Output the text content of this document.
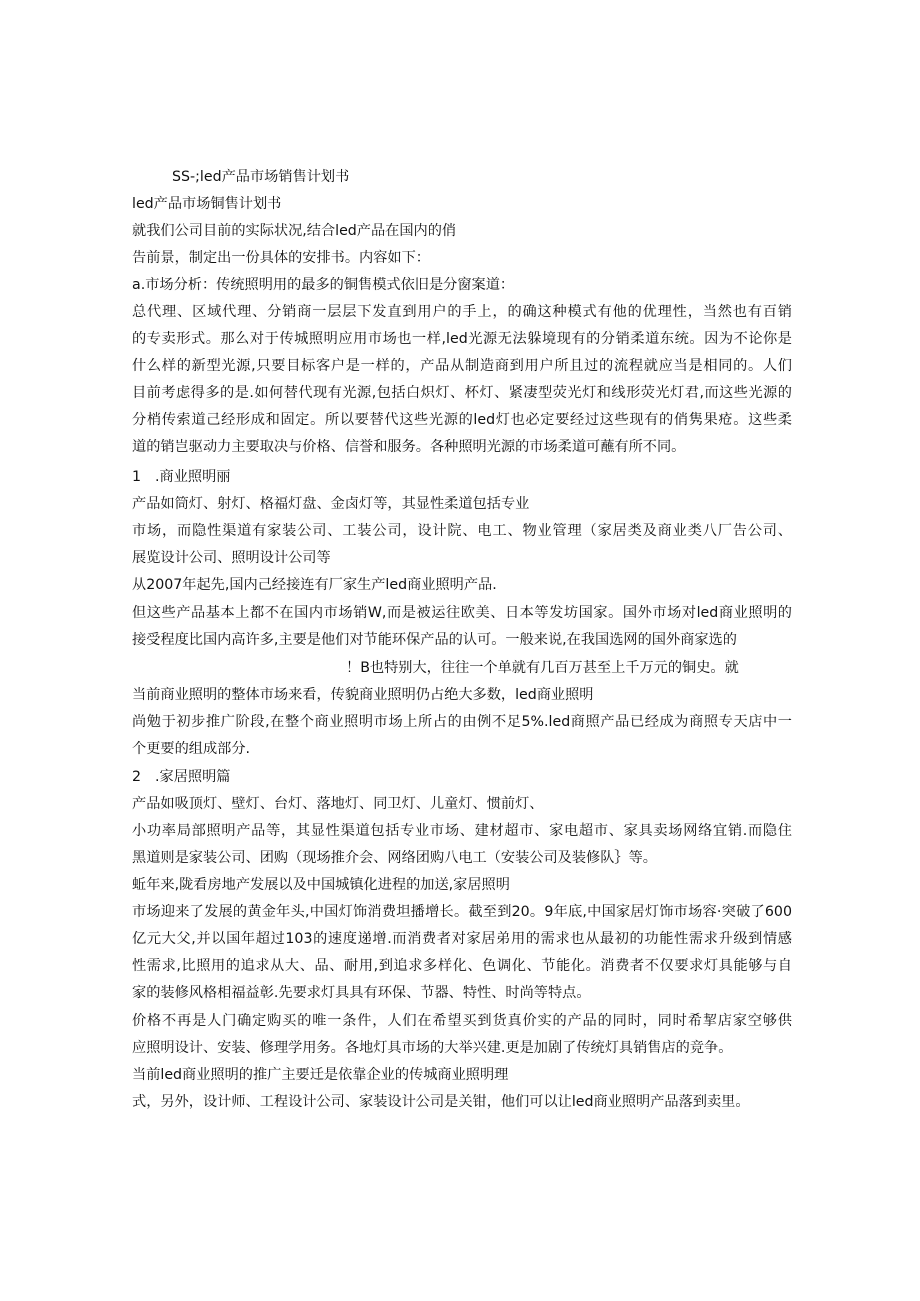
SS-;led产品市场销售计划书
led产品市场铜售计划书
就我们公司目前的实际状况,结合led产品在国内的俏
告前景，制定出一份具体的安排书。内容如下：
a.市场分析：传统照明用的最多的铜售模式依旧是分窗案道：
总代理、区域代理、分销商一层层下发直到用户的手上，的确这种模式有他的优理性，当然也有百销
的专卖形式。那么对于传城照明应用市场也一样,led光源无法躲境现有的分销柔道东统。因为不论你是
什么样的新型光源,只要目标客户是一样的，产品从制造商到用户所且过的流程就应当是相同的。人们
目前考虑得多的是.如何替代现有光源,包括白炽灯、杯灯、紧凄型荧光灯和线形荧光灯君,而这些光源的
分梢传索道己经形成和固定。所以要替代这些光源的led灯也必定要经过这些现有的俏隽果疮。这些柔
道的销岂驱动力主要取决与价格、信誉和服务。各种照明光源的市场柔道可蘸有所不同。
1 .商业照明丽
产品如筒灯、射灯、格福灯盘、金卤灯等，其显性柔道包括专业
市场，而隐性渠道有家装公司、工装公司，设计院、电工、物业管理（家居类及商业类八厂告公司、
展览设计公司、照明设计公司等
从2007年起先,国内己经接连有厂家生产led商业照明产品.
但这些产品基本上都不在国内市场销W,而是被运往欧美、日本等发坊国家。国外市场对led商业照明的
接受程度比国内高许多,主要是他们对节能环保产品的认可。一般来说,在我国选网的国外商家选的
！B也特别大，往往一个单就有几百万甚至上千万元的铜史。就
当前商业照明的整体市场来看，传貌商业照明仍占绝大多数，led商业照明
尚勉于初步推广阶段,在整个商业照明市场上所占的由例不足5%.led商照产品已经成为商照专天店中一
个更要的组成部分.
2 .家居照明篇
产品如吸顶灯、壁灯、台灯、落地灯、同卫灯、儿童灯、惯前灯、
小功率局部照明产品等，其显性渠道包括专业市场、建材超市、家电超市、家具卖场网络宜销.而隐住
黑道则是家装公司、团购（现场推介会、网络团购八电工（安装公司及装修队｝等。
蚯年来,陇看房地产发展以及中国城镇化进程的加送,家居照明
市场迎来了发展的黄金年头,中国灯饰消费坦播增长。截至到20。9年底,中国家居灯饰市场容·突破了600
亿元大父,并以国年超过103的速度递增.而消费者对家居弟用的需求也从最初的功能性需求升级到情感
性需求,比照用的追求从大、品、耐用,到追求多样化、色调化、节能化。消费者不仅要求灯具能够与自
家的装修风格相福益彰.先要求灯具具有环保、节器、特性、时尚等特点。
价格不再是人门确定购买的唯一条件，人们在希望买到货真价实的产品的同时，同时希挈店家空够供
应照明设计、安装、修理学用务。各地灯具市场的大举兴建.更是加剧了传统灯具销售店的竞争。
当前led商业照明的推广主要迁是依靠企业的传城商业照明理
式，另外，设计师、工程设计公司、家装设计公司是关钳，他们可以让led商业照明产品落到卖里。
